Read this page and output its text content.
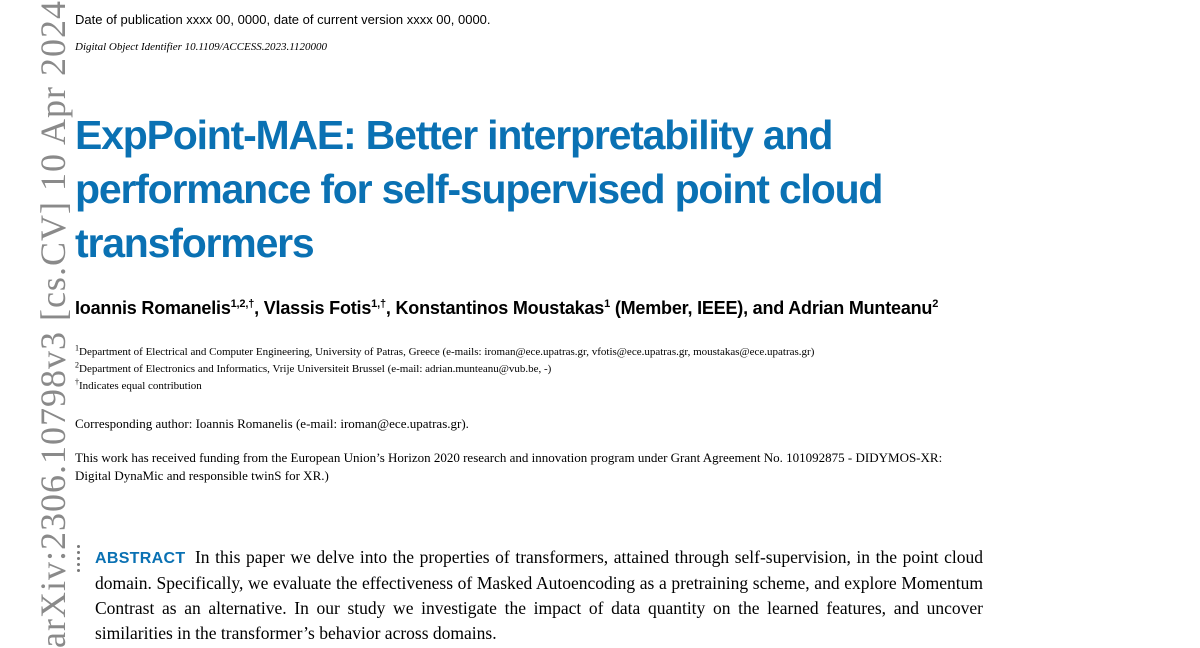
Date of publication xxxx 00, 0000, date of current version xxxx 00, 0000.
Digital Object Identifier 10.1109/ACCESS.2023.1120000
ExpPoint-MAE: Better interpretability and performance for self-supervised point cloud transformers
Ioannis Romanelis$^{1,2,\dagger}$, Vlassis Fotis$^{1,\dagger}$, Konstantinos Moustakas$^1$ (Member, IEEE), and Adrian Munteanu$^2$
$^1$Department of Electrical and Computer Engineering, University of Patras, Greece (e-mails: iroman@ece.upatras.gr, vfotis@ece.upatras.gr, moustakas@ece.upatras.gr)
$^2$Department of Electronics and Informatics, Vrije Universiteit Brussel (e-mail: adrian.munteanu@vub.be, -)
†Indicates equal contribution
Corresponding author: Ioannis Romanelis (e-mail: iroman@ece.upatras.gr).
This work has received funding from the European Union’s Horizon 2020 research and innovation program under Grant Agreement No. 101092875 - DIDYMOS-XR: Digital DynaMic and responsible twinS for XR.)
ABSTRACT In this paper we delve into the properties of transformers, attained through self-supervision, in the point cloud domain. Specifically, we evaluate the effectiveness of Masked Autoencoding as a pretraining scheme, and explore Momentum Contrast as an alternative. In our study we investigate the impact of data quantity on the learned features, and uncover similarities in the transformer’s behavior across domains.
arXiv:2306.10798v3 [cs.CV] 10 Apr 2024
